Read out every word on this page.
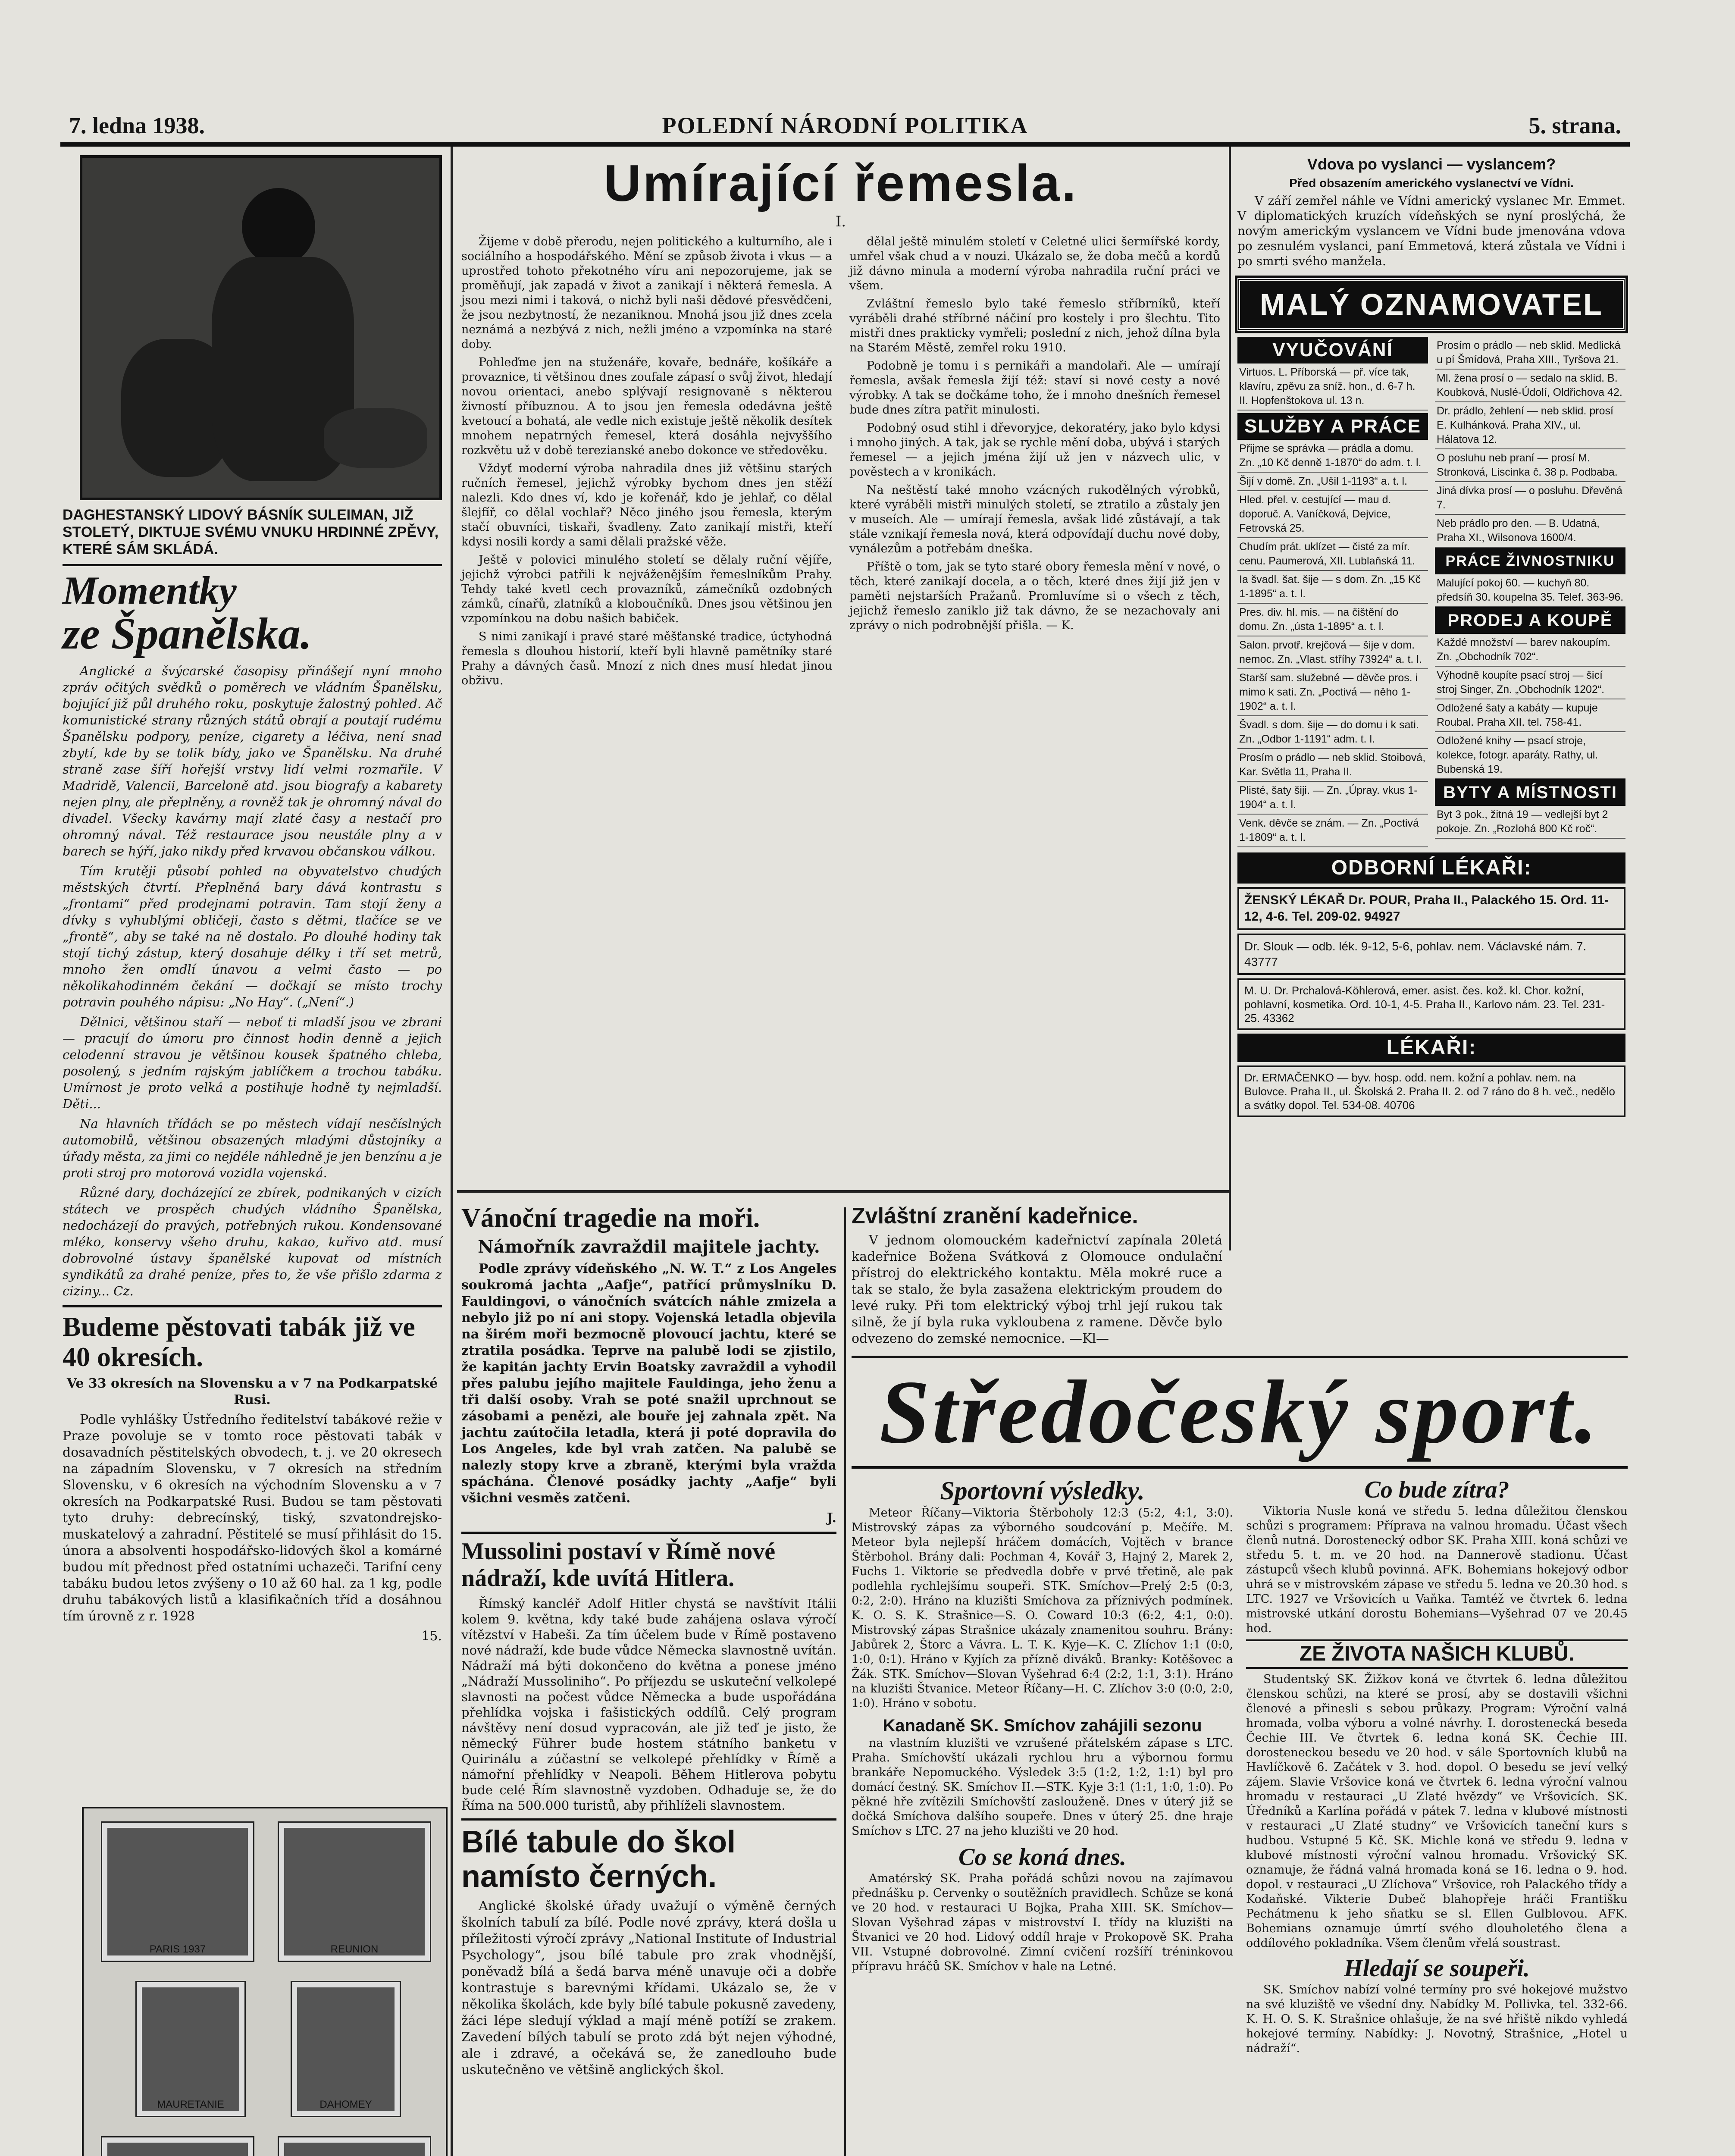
7. ledna 1938.	POLEDNÍ NÁRODNÍ POLITIKA	5. strana.
DAGHESTANSKÝ LIDOVÝ BÁSNÍK SULEIMAN, JIŽ STOLETÝ, DIKTUJE SVÉMU VNUKU HRDINNÉ ZPĚVY, KTERÉ SÁM SKLÁDÁ.
Momentky
ze Španělska.

Anglické a švýcarské časopisy přinášejí nyní mnoho zpráv očitých svědků o poměrech ve vládním Španělsku, bojující již půl druhého roku, poskytuje žalostný pohled. Ač komunistické strany různých států obrají a poutají rudému Španělsku podpory, peníze, cigarety a léčiva, není snad zbytí, kde by se tolik bídy, jako ve Španělsku. Na druhé straně zase šíří hořejší vrstvy lidí velmi rozmařile. V Madridě, Valencii, Barceloně atd. jsou biografy a kabarety nejen plny, ale přeplněny, a rovněž tak je ohromný nával do divadel. Všecky kavárny mají zlaté časy a nestačí pro ohromný nával. Též restaurace jsou neustále plny a v barech se hýří, jako nikdy před krvavou občanskou válkou.

Tím krutěji působí pohled na obyvatelstvo chudých městských čtvrtí. Přeplněná bary dává kontrastu s „frontami“ před prodejnami potravin. Tam stojí ženy a dívky s vyhublými obličeji, často s dětmi, tlačíce se ve „frontě“, aby se také na ně dostalo. Po dlouhé hodiny tak stojí tichý zástup, který dosahuje délky i tří set metrů, mnoho žen omdlí únavou a velmi často — po několikahodinném čekání — dočkají se místo trochy potravin pouhého nápisu: „No Hay“. („Není“.)

Dělnici, většinou staří — neboť ti mladší jsou ve zbrani — pracují do úmoru pro činnost hodin denně a jejich celodenní stravou je většinou kousek špatného chleba, posolený, s jedním rajským jablíčkem a trochou tabáku. Umírnost je proto velká a postihuje hodně ty nejmladší. Děti...

Na hlavních třídách se po městech vídají nesčíslných automobilů, většinou obsazených mladými důstojníky a úřady města, za jimi co nejdéle náhledně je jen benzínu a je proti stroj pro motorová vozidla vojenská.

Různé dary, docházející ze zbírek, podnikaných v cizích státech ve prospěch chudých vládního Španělska, nedocházejí do pravých, potřebných rukou. Kondensované mléko, konservy všeho druhu, kakao, kuřivo atd. musí dobrovolné ústavy španělské kupovat od místních syndikátů za drahé peníze, přes to, že vše přišlo zdarma z ciziny... Cz.

Budeme pěstovati tabák již ve 40 okresích.
Ve 33 okresích na Slovensku a v 7 na Podkarpatské Rusi.

Podle vyhlášky Ústředního ředitelství tabákové režie v Praze povoluje se v tomto roce pěstovati tabák v dosavadních pěstitelských obvodech, t. j. ve 20 okresech na západním Slovensku, v 7 okresích na středním Slovensku, v 6 okresích na východním Slovensku a v 7 okresích na Podkarpatské Rusi. Budou se tam pěstovati tyto druhy: debrecínský, tiský, szvatondrejsko-muskatelový a zahradní. Pěstitelé se musí přihlásit do 15. února a absolventi hospodářsko-lidových škol a komárné budou mít přednost před ostatními uchazeči. Tarifní ceny tabáku budou letos zvýšeny o 10 až 60 hal. za 1 kg, podle druhu tabákových listů a klasifikačních tříd a dosáhnou tím úrovně z r. 1928

15.

PARIS 1937	REUNION
MAURETANIE	DAHOMEY
Umírající řemesla.
I.

Žijeme v době přerodu, nejen politického a kulturního, ale i sociálního a hospodářského. Mění se způsob života i vkus — a uprostřed tohoto překotného víru ani nepozorujeme, jak se proměňují, jak zapadá v život a zanikají i některá řemesla. A jsou mezi nimi i taková, o nichž byli naši dědové přesvědčeni, že jsou nezbytností, že nezaniknou. Mnohá jsou již dnes zcela neznámá a nezbývá z nich, nežli jméno a vzpomínka na staré doby.

Pohleďme jen na stuženáře, kovaře, bednáře, košíkáře a provaznice, ti většinou dnes zoufale zápasí o svůj život, hledají novou orientaci, anebo splývají resignovaně s některou živností příbuznou. A to jsou jen řemesla odedávna ještě kvetoucí a bohatá, ale vedle nich existuje ještě několik desítek mnohem nepatrných řemesel, která dosáhla nejvyššího rozkvětu už v době terezianské anebo dokonce ve středověku.

Vždyť moderní výroba nahradila dnes již většinu starých ručních řemesel, jejichž výrobky bychom dnes jen stěží nalezli. Kdo dnes ví, kdo je kořenář, kdo je jehlař, co dělal šlejfíř, co dělal vochlař? Něco jiného jsou řemesla, kterým stačí obuvníci, tiskaři, švadleny. Zato zanikají mistři, kteří kdysi nosili kordy a sami dělali pražské věže.

Ještě v polovici minulého století se dělaly ruční vějíře, jejichž výrobci patřili k nejváženějším řemeslníkům Prahy. Tehdy také kvetl cech provazníků, zámečníků ozdobných zámků, cínařů, zlatníků a kloboučníků. Dnes jsou většinou jen vzpomínkou na dobu našich babiček.

S nimi zanikají i pravé staré měšťanské tradice, úctyhodná řemesla s dlouhou historií, kteří byli hlavně pamětníky staré Prahy a dávných časů. Mnozí z nich dnes musí hledat jinou obživu.

dělal ještě minulém století v Celetné ulici šermířské kordy, umřel však chud a v nouzi. Ukázalo se, že doba mečů a kordů již dávno minula a moderní výroba nahradila ruční práci ve všem.

Zvláštní řemeslo bylo také řemeslo stříbrníků, kteří vyráběli drahé stříbrné náčiní pro kostely i pro šlechtu. Tito mistři dnes prakticky vymřeli; poslední z nich, jehož dílna byla na Starém Městě, zemřel roku 1910.

Podobně je tomu i s pernikáři a mandolaři. Ale — umírají řemesla, avšak řemesla žijí též: staví si nové cesty a nové výrobky. A tak se dočkáme toho, že i mnoho dnešních řemesel bude dnes zítra patřit minulosti.

Podobný osud stihl i dřevoryjce, dekoratéry, jako bylo kdysi i mnoho jiných. A tak, jak se rychle mění doba, ubývá i starých řemesel — a jejich jména žijí už jen v názvech ulic, v pověstech a v kronikách.

Na neštěstí také mnoho vzácných rukodělných výrobků, které vyráběli mistři minulých století, se ztratilo a zůstaly jen v museích. Ale — umírají řemesla, avšak lidé zůstávají, a tak stále vznikají řemesla nová, která odpovídají duchu nové doby, vynálezům a potřebám dneška.

Příště o tom, jak se tyto staré obory řemesla mění v nové, o těch, které zanikají docela, a o těch, které dnes žijí již jen v paměti nejstarších Pražanů. Promluvíme si o všech z těch, jejichž řemeslo zaniklo již tak dávno, že se nezachovaly ani zprávy o nich podrobnější přišla. — K.

Vdova po vyslanci — vyslancem?
Před obsazením amerického vyslanectví ve Vídni.

V září zemřel náhle ve Vídni americký vyslanec Mr. Emmet. V diplomatických kruzích vídeňských se nyní proslýchá, že novým americkým vyslancem ve Vídni bude jmenována vdova po zesnulém vyslanci, paní Emmetová, která zůstala ve Vídni i po smrti svého manžela.

MALÝ OZNAMOVATEL
VYUČOVÁNÍ
Virtuos. L. Příborská — př. více tak, klavíru, zpěvu za sníž. hon., d. 6-7 h. II. Hopfenštokova ul. 13 n.
SLUŽBY A PRÁCE
Přijme se správka — prádla a domu. Zn. „10 Kč denně 1-1870“ do adm. t. l.
Šijí v domě. Zn. „Ušil 1-1193“ a. t. l.
Hled. přel. v. cestující — mau d. doporuč. A. Vaníčková, Dejvice, Fetrovská 25.
Chudím prát. uklízet — čisté za mír. cenu. Paumerová, XII. Lublaňská 11.
Ia švadl. šat. šije — s dom. Zn. „15 Kč 1-1895“ a. t. l.
Pres. div. hl. mis. — na čištění do domu. Zn. „ústa 1-1895“ a. t. l.
Salon. prvotř. krejčová — šije v dom. nemoc. Zn. „Vlast. stříhy 73924“ a. t. l.
Starší sam. služebné — děvče pros. i mimo k sati. Zn. „Poctivá — něho 1-1902“ a. t. l.
Švadl. s dom. šije — do domu i k sati. Zn. „Odbor 1-1191“ adm. t. l.
Prosím o prádlo — neb sklid. Stoibová, Kar. Světla 11, Praha II.
Plisté, šaty šiji. — Zn. „Úpray. vkus 1-1904“ a. t. l.
Venk. děvče se znám. — Zn. „Poctivá 1-1809“ a. t. l.
Prosím o prádlo — neb sklid. Medlická u pí Šmídová, Praha XIII., Tyršova 21.
Ml. žena prosí o — sedalo na sklid. B. Koubková, Nuslé-Údolí, Oldřichova 42.
Dr. prádlo, žehlení — neb sklid. prosí E. Kulhánková. Praha XIV., ul. Hálatova 12.
O posluhu neb praní — prosí M. Stronková, Liscinka č. 38 p. Podbaba.
Jiná dívka prosí — o posluhu. Dřevěná 7.
Neb prádlo pro den. — B. Udatná, Praha XI., Wilsonova 1600/4.
PRÁCE ŽIVNOSTNIKU
Malující pokoj 60. — kuchyň 80. předsíň 30. koupelna 35. Telef. 363-96.
PRODEJ A KOUPĚ
Každé množství — barev nakoupím. Zn. „Obchodník 702“.
Výhodně koupíte psací stroj — šicí stroj Singer, Zn. „Obchodník 1202“.
Odložené šaty a kabáty — kupuje Roubal. Praha XII. tel. 758-41.
Odložené knihy — psací stroje, kolekce, fotogr. aparáty. Rathy, ul. Bubenská 19.
BYTY A MÍSTNOSTI
Byt 3 pok., žitná 19 — vedlejší byt 2 pokoje. Zn. „Rozlohá 800 Kč roč“.
ODBORNÍ LÉKAŘI:
ŽENSKÝ LÉKAŘ Dr. POUR, Praha II., Palackého 15. Ord. 11-12, 4-6. Tel. 209-02. 94927
Dr. Slouk — odb. lék. 9-12, 5-6, pohlav. nem. Václavské nám. 7. 43777
M. U. Dr. Prchalová-Köhlerová, emer. asist. čes. kož. kl. Chor. kožní, pohlavní, kosmetika. Ord. 10-1, 4-5. Praha II., Karlovo nám. 23. Tel. 231-25. 43362
LÉKAŘI:
Dr. ERMAČENKO — byv. hosp. odd. nem. kožní a pohlav. nem. na Bulovce. Praha II., ul. Školská 2. Praha II. 2. od 7 ráno do 8 h. več., nedělo a svátky dopol. Tel. 534-08. 40706
Vánoční tragedie na moři.
Námořník zavraždil majitele jachty.

Podle zprávy vídeňského „N. W. T.“ z Los Angeles soukromá jachta „Aafje“, patřící průmyslníku D. Fauldingovi, o vánočních svátcích náhle zmizela a nebylo již po ní ani stopy. Vojenská letadla objevila na širém moři bezmocně plovoucí jachtu, které se ztratila posádka. Teprve na palubě lodi se zjistilo, že kapitán jachty Ervin Boatsky zavraždil a vyhodil přes palubu jejího majitele Fauldinga, jeho ženu a tři další osoby. Vrah se poté snažil uprchnout se zásobami a penězi, ale bouře jej zahnala zpět. Na jachtu zaútočila letadla, která ji poté dopravila do Los Angeles, kde byl vrah zatčen. Na palubě se nalezly stopy krve a zbraně, kterými byla vražda spáchána. Členové posádky jachty „Aafje“ byli všichni vesměs zatčeni.

J.

Mussolini postaví v Římě nové nádraží, kde uvítá Hitlera.

Římský kancléř Adolf Hitler chystá se navštívit Itálii kolem 9. května, kdy také bude zahájena oslava výročí vítězství v Habeši. Za tím účelem bude v Římě postaveno nové nádraží, kde bude vůdce Německa slavnostně uvítán. Nádraží má býti dokončeno do května a ponese jméno „Nádraží Mussoliniho“. Po příjezdu se uskuteční velkolepé slavnosti na počest vůdce Německa a bude uspořádána přehlídka vojska i fašistických oddílů. Celý program návštěvy není dosud vypracován, ale již teď je jisto, že německý Führer bude hostem státního banketu v Quirinálu a zúčastní se velkolepé přehlídky v Římě a námořní přehlídky v Neapoli. Během Hitlerova pobytu bude celé Řím slavnostně vyzdoben. Odhaduje se, že do Říma na 500.000 turistů, aby přihlíželi slavnostem.

Bílé tabule do škol namísto černých.

Anglické školské úřady uvažují o výměně černých školních tabulí za bílé. Podle nové zprávy, která došla u příležitosti výročí zprávy „National Institute of Industrial Psychology“, jsou bílé tabule pro zrak vhodnější, poněvadž bílá a šedá barva méně unavuje oči a dobře kontrastuje s barevnými křídami. Ukázalo se, že v několika školách, kde byly bílé tabule pokusně zavedeny, žáci lépe sledují výklad a mají méně potíží se zrakem. Zavedení bílých tabulí se proto zdá být nejen výhodné, ale i zdravé, a očekává se, že zanedlouho bude uskutečněno ve většině anglických škol.

Zvláštní zranění kadeřnice.

V jednom olomouckém kadeřnictví zapínala 20letá kadeřnice Božena Svátková z Olomouce ondulační přístroj do elektrického kontaktu. Měla mokré ruce a tak se stalo, že byla zasažena elektrickým proudem do levé ruky. Při tom elektrický výboj trhl její rukou tak silně, že jí byla ruka vykloubena z ramene. Děvče bylo odvezeno do zemské nemocnice. —Kl—

Středočeský sport.
Sportovní výsledky.

Meteor Říčany—Viktoria Štěrboholy 12:3 (5:2, 4:1, 3:0). Mistrovský zápas za výborného soudcování p. Mečíře. M. Meteor byla nejlepší hráčem domácích, Vojtěch v brance Štěrbohol. Brány dali: Pochman 4, Kovář 3, Hajný 2, Marek 2, Fuchs 1. Viktorie se předvedla dobře v prvé třetině, ale pak podlehla rychlejšímu soupeři. STK. Smíchov—Prelý 2:5 (0:3, 0:2, 2:0). Hráno na kluzišti Smíchova za příznivých podmínek. K. O. S. K. Strašnice—S. O. Coward 10:3 (6:2, 4:1, 0:0). Mistrovský zápas Strašnice ukázaly znamenitou souhru. Brány: Jabůrek 2, Štorc a Vávra. L. T. K. Kyje—K. C. Zlíchov 1:1 (0:0, 1:0, 0:1). Hráno v Kyjích za přízně diváků. Branky: Kotěšovec a Žák. STK. Smíchov—Slovan Vyšehrad 6:4 (2:2, 1:1, 3:1). Hráno na kluzišti Štvanice. Meteor Říčany—H. C. Zlíchov 3:0 (0:0, 2:0, 1:0). Hráno v sobotu.

Kanadaně SK. Smíchov zahájili sezonu

na vlastním kluzišti ve vzrušené přátelském zápase s LTC. Praha. Smíchovští ukázali rychlou hru a výbornou formu brankáře Nepomuckého. Výsledek 3:5 (1:2, 1:2, 1:1) byl pro domácí čestný. SK. Smíchov II.—STK. Kyje 3:1 (1:1, 1:0, 1:0). Po pěkné hře zvítězili Smíchovští zaslouženě. Dnes v úterý již se dočká Smíchova dalšího soupeře. Dnes v úterý 25. dne hraje Smíchov s LTC. 27 na jeho kluzišti ve 20 hod.

Co se koná dnes.

Amatérský SK. Praha pořádá schůzi novou na zajímavou přednášku p. Cervenky o soutěžních pravidlech. Schůze se koná ve 20 hod. v restauraci U Bojka, Praha XIII. SK. Smíchov—Slovan Vyšehrad zápas v mistrovství I. třídy na kluzišti na Štvanici ve 20 hod. Lidový oddíl hraje v Prokopově SK. Praha VII. Vstupné dobrovolné. Zimní cvičení rozšíří tréninkovou přípravu hráčů SK. Smíchov v hale na Letné.

Co bude zítra?

Viktoria Nusle koná ve středu 5. ledna důležitou členskou schůzi s programem: Příprava na valnou hromadu. Účast všech členů nutná. Dorostenecký odbor SK. Praha XIII. koná schůzi ve středu 5. t. m. ve 20 hod. na Dannerově stadionu. Účast zástupců všech klubů povinná. AFK. Bohemians hokejový odbor uhrá se v mistrovském zápase ve středu 5. ledna ve 20.30 hod. s LTC. 1927 ve Vršovicích u Vaňka. Tamtéž ve čtvrtek 6. ledna mistrovské utkání dorostu Bohemians—Vyšehrad 07 ve 20.45 hod.

ZE ŽIVOTA NAŠICH KLUBŮ.

Studentský SK. Žižkov koná ve čtvrtek 6. ledna důležitou členskou schůzi, na které se prosí, aby se dostavili všichni členové a přinesli s sebou průkazy. Program: Výroční valná hromada, volba výboru a volné návrhy. I. dorostenecká beseda Čechie III. Ve čtvrtek 6. ledna koná SK. Čechie III. dorosteneckou besedu ve 20 hod. v sále Sportovních klubů na Havlíčkově 6. Začátek v 3. hod. dopol. O besedu se jeví velký zájem. Slavie Vršovice koná ve čtvrtek 6. ledna výroční valnou hromadu v restauraci „U Zlaté hvězdy“ ve Vršovicích. SK. Úředníků a Karlína pořádá v pátek 7. ledna v klubové místnosti v restauraci „U Zlaté studny“ ve Vršovicích taneční kurs s hudbou. Vstupné 5 Kč. SK. Michle koná ve středu 9. ledna v klubové místnosti výroční valnou hromadu. Vršovický SK. oznamuje, že řádná valná hromada koná se 16. ledna o 9. hod. dopol. v restauraci „U Zlíchova“ Vršovice, roh Palackého třídy a Kodaňské. Vikterie Dubeč blahopřeje hráči Františku Pechátmenu k jeho sňatku se sl. Ellen Gulblovou. AFK. Bohemians oznamuje úmrtí svého dlouholetého člena a oddílového pokladníka. Všem členům vřelá soustrast.

Hledají se soupeři.

SK. Smíchov nabízí volné termíny pro své hokejové mužstvo na své kluziště ve všední dny. Nabídky M. Pollivka, tel. 332-66. K. H. O. S. K. Strašnice ohlašuje, že na své hřiště nikdo vyhledá hokejové termíny. Nabídky: J. Novotný, Strašnice, „Hotel u nádraží“.
